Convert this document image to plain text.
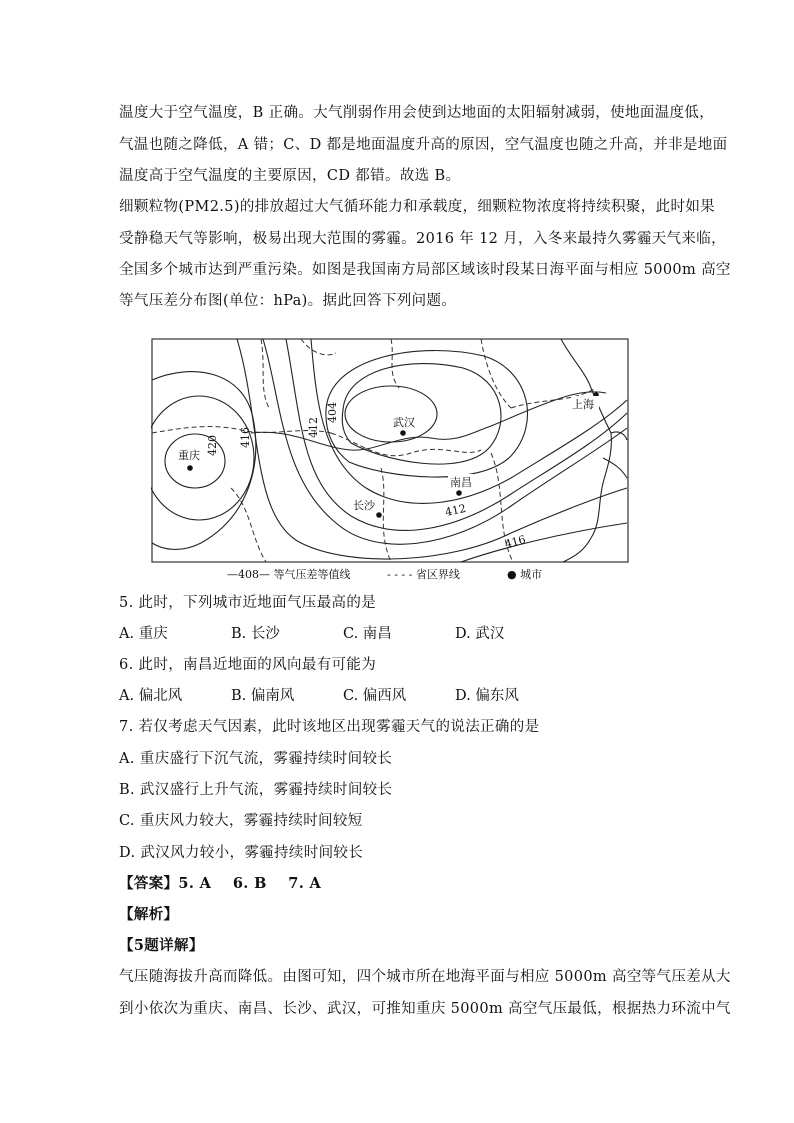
温度大于空气温度，B 正确。大气削弱作用会使到达地面的太阳辐射减弱，使地面温度低，
气温也随之降低，A 错；C、D 都是地面温度升高的原因，空气温度也随之升高，并非是地面
温度高于空气温度的主要原因，CD 都错。故选 B。
细颗粒物(PM2.5)的排放超过大气循环能力和承载度，细颗粒物浓度将持续积聚，此时如果
受静稳天气等影响，极易出现大范围的雾霾。2016 年 12 月，入冬来最持久雾霾天气来临，
全国多个城市达到严重污染。如图是我国南方局部区域该时段某日海平面与相应 5000m 高空
等气压差分布图(单位：hPa)。据此回答下列问题。
404
412
416
420
412
416
重庆
武汉
长沙
南昌
上海
—408— 等气压差等值线	- - - - 省区界线	● 城市
5. 此时，下列城市近地面气压最高的是
A. 重庆	B. 长沙	C. 南昌	D. 武汉
6. 此时，南昌近地面的风向最有可能为
A. 偏北风	B. 偏南风	C. 偏西风	D. 偏东风
7. 若仅考虑天气因素，此时该地区出现雾霾天气的说法正确的是
A. 重庆盛行下沉气流，雾霾持续时间较长
B. 武汉盛行上升气流，雾霾持续时间较长
C. 重庆风力较大，雾霾持续时间较短
D. 武汉风力较小，雾霾持续时间较长
【答案】5. A    6. B    7. A
【解析】
【5题详解】
气压随海拔升高而降低。由图可知，四个城市所在地海平面与相应 5000m 高空等气压差从大
到小依次为重庆、南昌、长沙、武汉，可推知重庆 5000m 高空气压最低，根据热力环流中气
